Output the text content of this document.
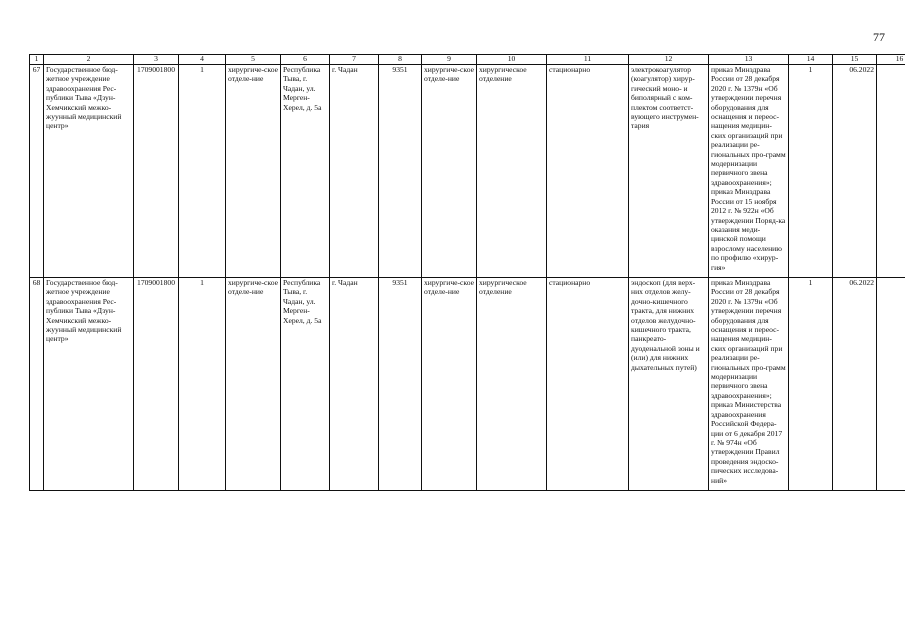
77
1	2	3	4	5	6	7	8	9	10	11	12	13	14	15	16
67	Государственное бюд-жетное учреждение здравоохранения Рес-публики Тыва «Дзун-Хемчикский межко-жуунный медицинский центр»	1709001800	1	хирургиче-ское отделе-ние	Республика Тыва, г. Чадан, ул. Мерген-Херел, д. 5а	г. Чадан	9351	хирургиче-ское отделе-ние	хирургическое отделение	стационарно	электрокоагулятор (коагулятор) хирур-гический моно- и биполярный с ком-плектом соответст-вующего инструмен-тария	приказ Минздрава России от 28 декабря 2020 г. № 1379н «Об утверждении перечня оборудования для оснащения и переос-нащения медицин-ских организаций при реализации ре-гиональных про-грамм модернизации первичного звена здравоохранения»; приказ Минздрава России от 15 ноября 2012 г. № 922н «Об утверждении Поряд-ка оказания меди-цинской помощи взрослому населению по профилю «хирур-гия»	1	06.2022	
68	Государственное бюд-жетное учреждение здравоохранения Рес-публики Тыва «Дзун-Хемчикский межко-жуунный медицинский центр»	1709001800	1	хирургиче-ское отделе-ние	Республика Тыва, г. Чадан, ул. Мерген-Херел, д. 5а	г. Чадан	9351	хирургиче-ское отделе-ние	хирургическое отделение	стационарно	эндоскоп (для верх-них отделов желу-дочно-кишечного тракта, для нижних отделов желудочно-кишечного тракта, панкреато-дуоденальной зоны и (или) для нижних дыхательных путей)	приказ Минздрава России от 28 декабря 2020 г. № 1379н «Об утверждении перечня оборудования для оснащения и переос-нащения медицин-ских организаций при реализации ре-гиональных про-грамм модернизации первичного звена здравоохранения»; приказ Министерства здравоохранения Российской Федера-ции от 6 декабря 2017 г. № 974н «Об утверждении Правил проведения эндоско-пических исследова-ний»	1	06.2022	
